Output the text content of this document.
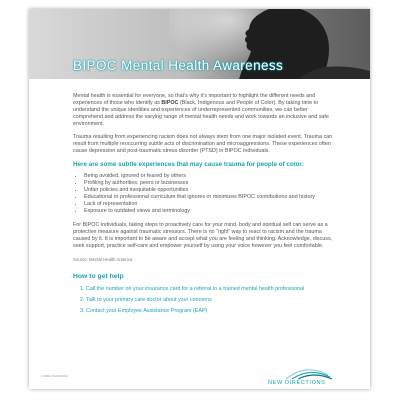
BIPOC Mental Health Awareness

Mental health is essential for everyone, so that’s why it’s important to highlight the different needs and experiences of those who identify as BIPOC (Black, Indigenous and People of Color). By taking time to understand the unique identities and experiences of underrepresented communities, we can better comprehend and address the varying range of mental health needs and work towards an inclusive and safe environment.

Trauma resulting from experiencing racism does not always stem from one major isolated event. Trauma can result from multiple reoccurring subtle acts of discrimination and microaggressions. These experiences often cause depression and post-traumatic stress disorder (PTSD) in BIPOC individuals.

Here are some subtle experiences that may cause trauma for people of color:
• Being avoided, ignored or feared by others
• Profiling by authorities, peers or businesses
• Unfair policies and inequitable opportunities
• Educational or professional curriculum that ignores or minimizes BIPOC contributions and history
• Lack of representation
• Exposure to outdated views and terminology

For BIPOC individuals, taking steps to proactively care for your mind, body and spiritual self can serve as a protective measure against traumatic stressors. There is no “right” way to react to racism and the trauma caused by it. It is important to be aware and accept what you are feeling and thinking. Acknowledge, discuss, seek support, practice self-care and empower yourself by using your voice however you feel comfortable.

Source: Mental Health America
How to get help
1. Call the number on your insurance card for a referral to a trained mental health professional
2. Talk to your primary care doctor about your concerns
3. Contact your Employee Assistance Program (EAP)
NEW DIRECTIONS
COMM2-7000-0042012
